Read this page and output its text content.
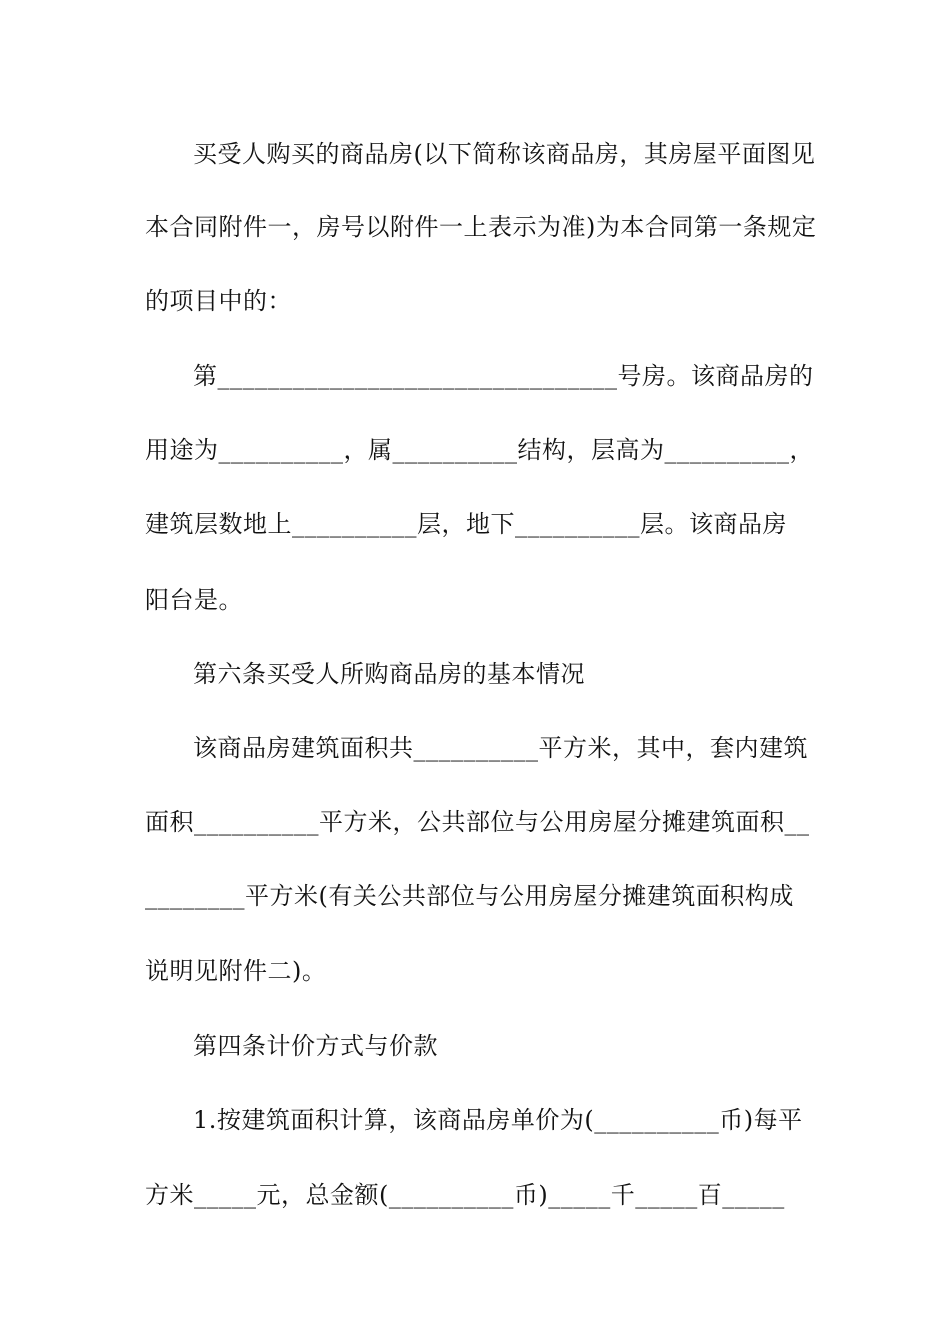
买受人购买的商品房(以下简称该商品房，其房屋平面图见
本合同附件一，房号以附件一上表示为准)为本合同第一条规定
的项目中的：
第________________________________号房。该商品房的
用途为__________，属__________结构，层高为__________，
建筑层数地上__________层，地下__________层。该商品房
阳台是。
第六条买受人所购商品房的基本情况
该商品房建筑面积共__________平方米，其中，套内建筑
面积__________平方米，公共部位与公用房屋分摊建筑面积__
________平方米(有关公共部位与公用房屋分摊建筑面积构成
说明见附件二)。
第四条计价方式与价款
1.按建筑面积计算，该商品房单价为(__________币)每平
方米_____元，总金额(__________币)_____千_____百_____
